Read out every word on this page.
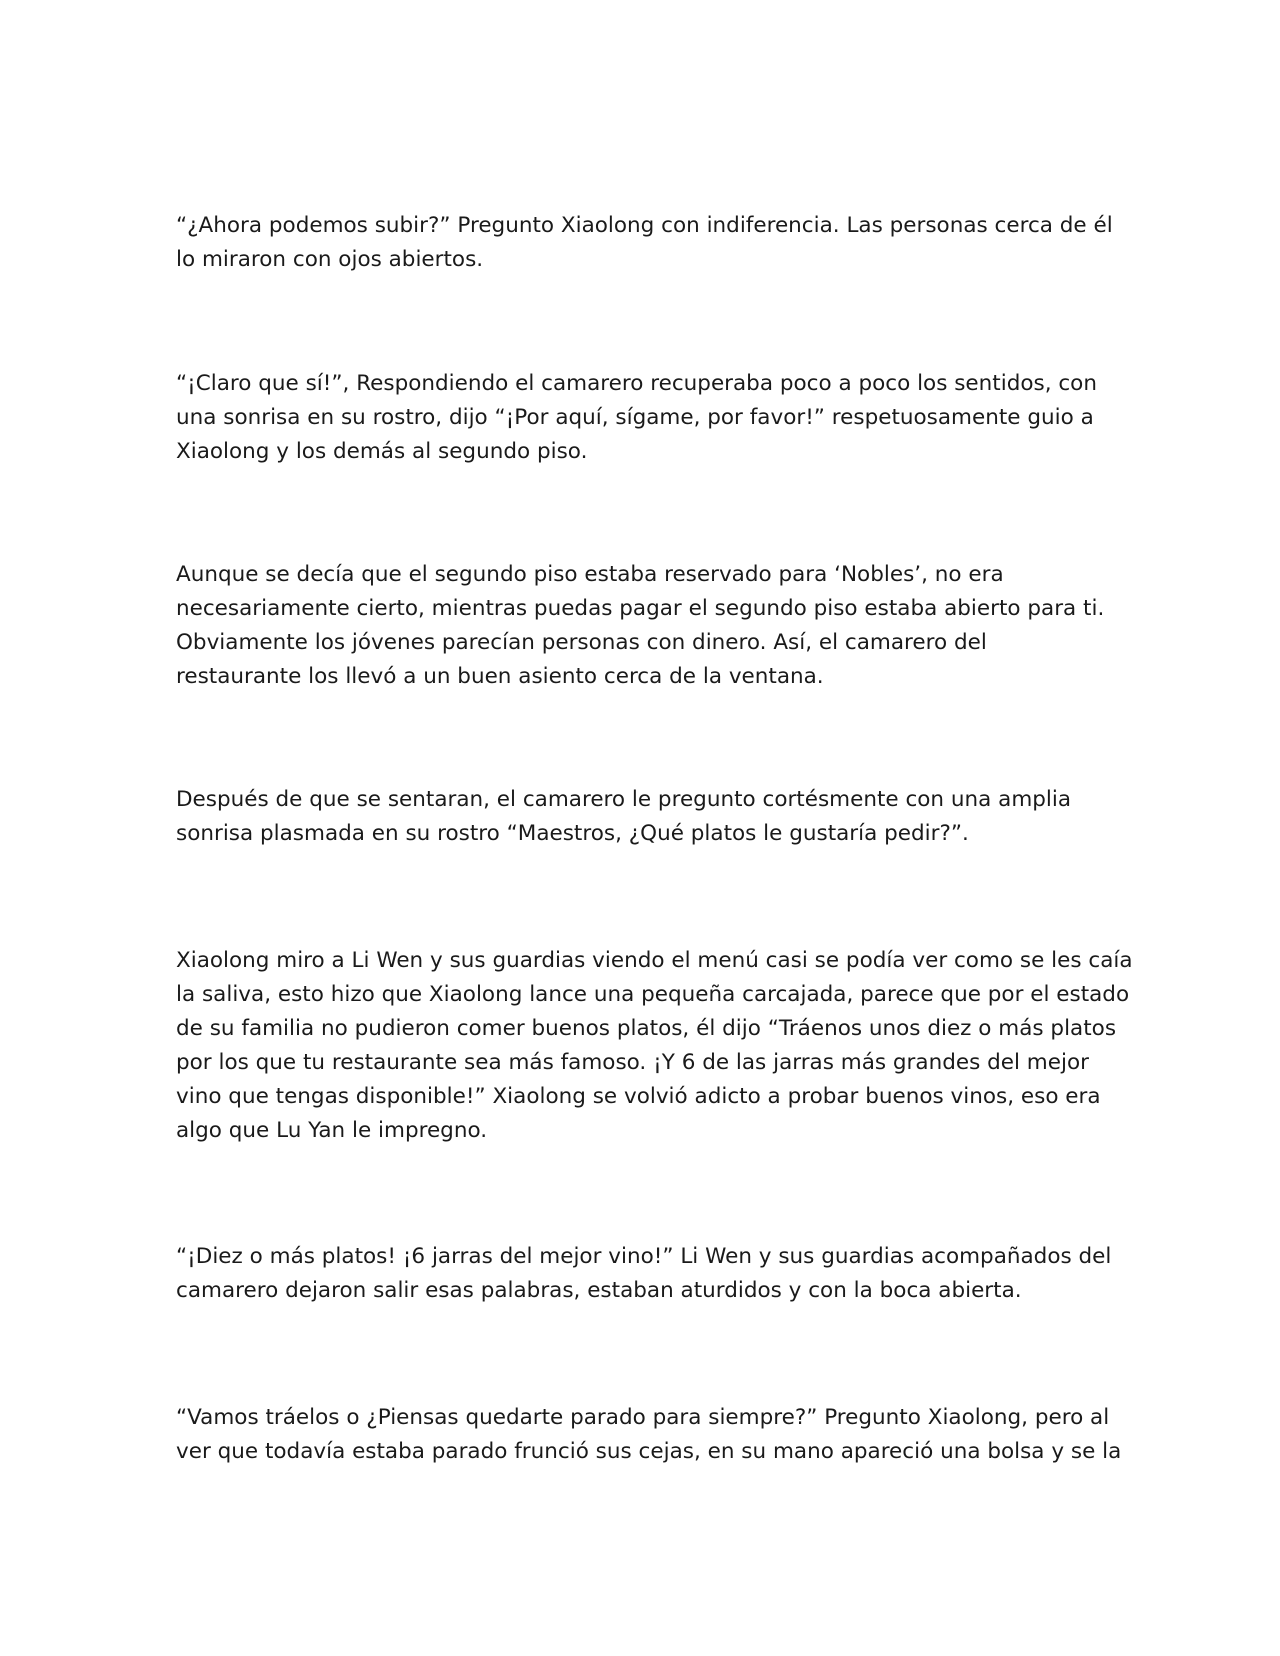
“¿Ahora podemos subir?” Pregunto Xiaolong con indiferencia. Las personas cerca de él
lo miraron con ojos abiertos.

“¡Claro que sí!”, Respondiendo el camarero recuperaba poco a poco los sentidos, con
una sonrisa en su rostro, dijo “¡Por aquí, sígame, por favor!” respetuosamente guio a
Xiaolong y los demás al segundo piso.

Aunque se decía que el segundo piso estaba reservado para ‘Nobles’, no era
necesariamente cierto, mientras puedas pagar el segundo piso estaba abierto para ti.
Obviamente los jóvenes parecían personas con dinero. Así, el camarero del
restaurante los llevó a un buen asiento cerca de la ventana.

Después de que se sentaran, el camarero le pregunto cortésmente con una amplia
sonrisa plasmada en su rostro “Maestros, ¿Qué platos le gustaría pedir?”.

Xiaolong miro a Li Wen y sus guardias viendo el menú casi se podía ver como se les caía
la saliva, esto hizo que Xiaolong lance una pequeña carcajada, parece que por el estado
de su familia no pudieron comer buenos platos, él dijo “Tráenos unos diez o más platos
por los que tu restaurante sea más famoso. ¡Y 6 de las jarras más grandes del mejor
vino que tengas disponible!” Xiaolong se volvió adicto a probar buenos vinos, eso era
algo que Lu Yan le impregno.

“¡Diez o más platos! ¡6 jarras del mejor vino!” Li Wen y sus guardias acompañados del
camarero dejaron salir esas palabras, estaban aturdidos y con la boca abierta.

“Vamos tráelos o ¿Piensas quedarte parado para siempre?” Pregunto Xiaolong, pero al
ver que todavía estaba parado frunció sus cejas, en su mano apareció una bolsa y se la
